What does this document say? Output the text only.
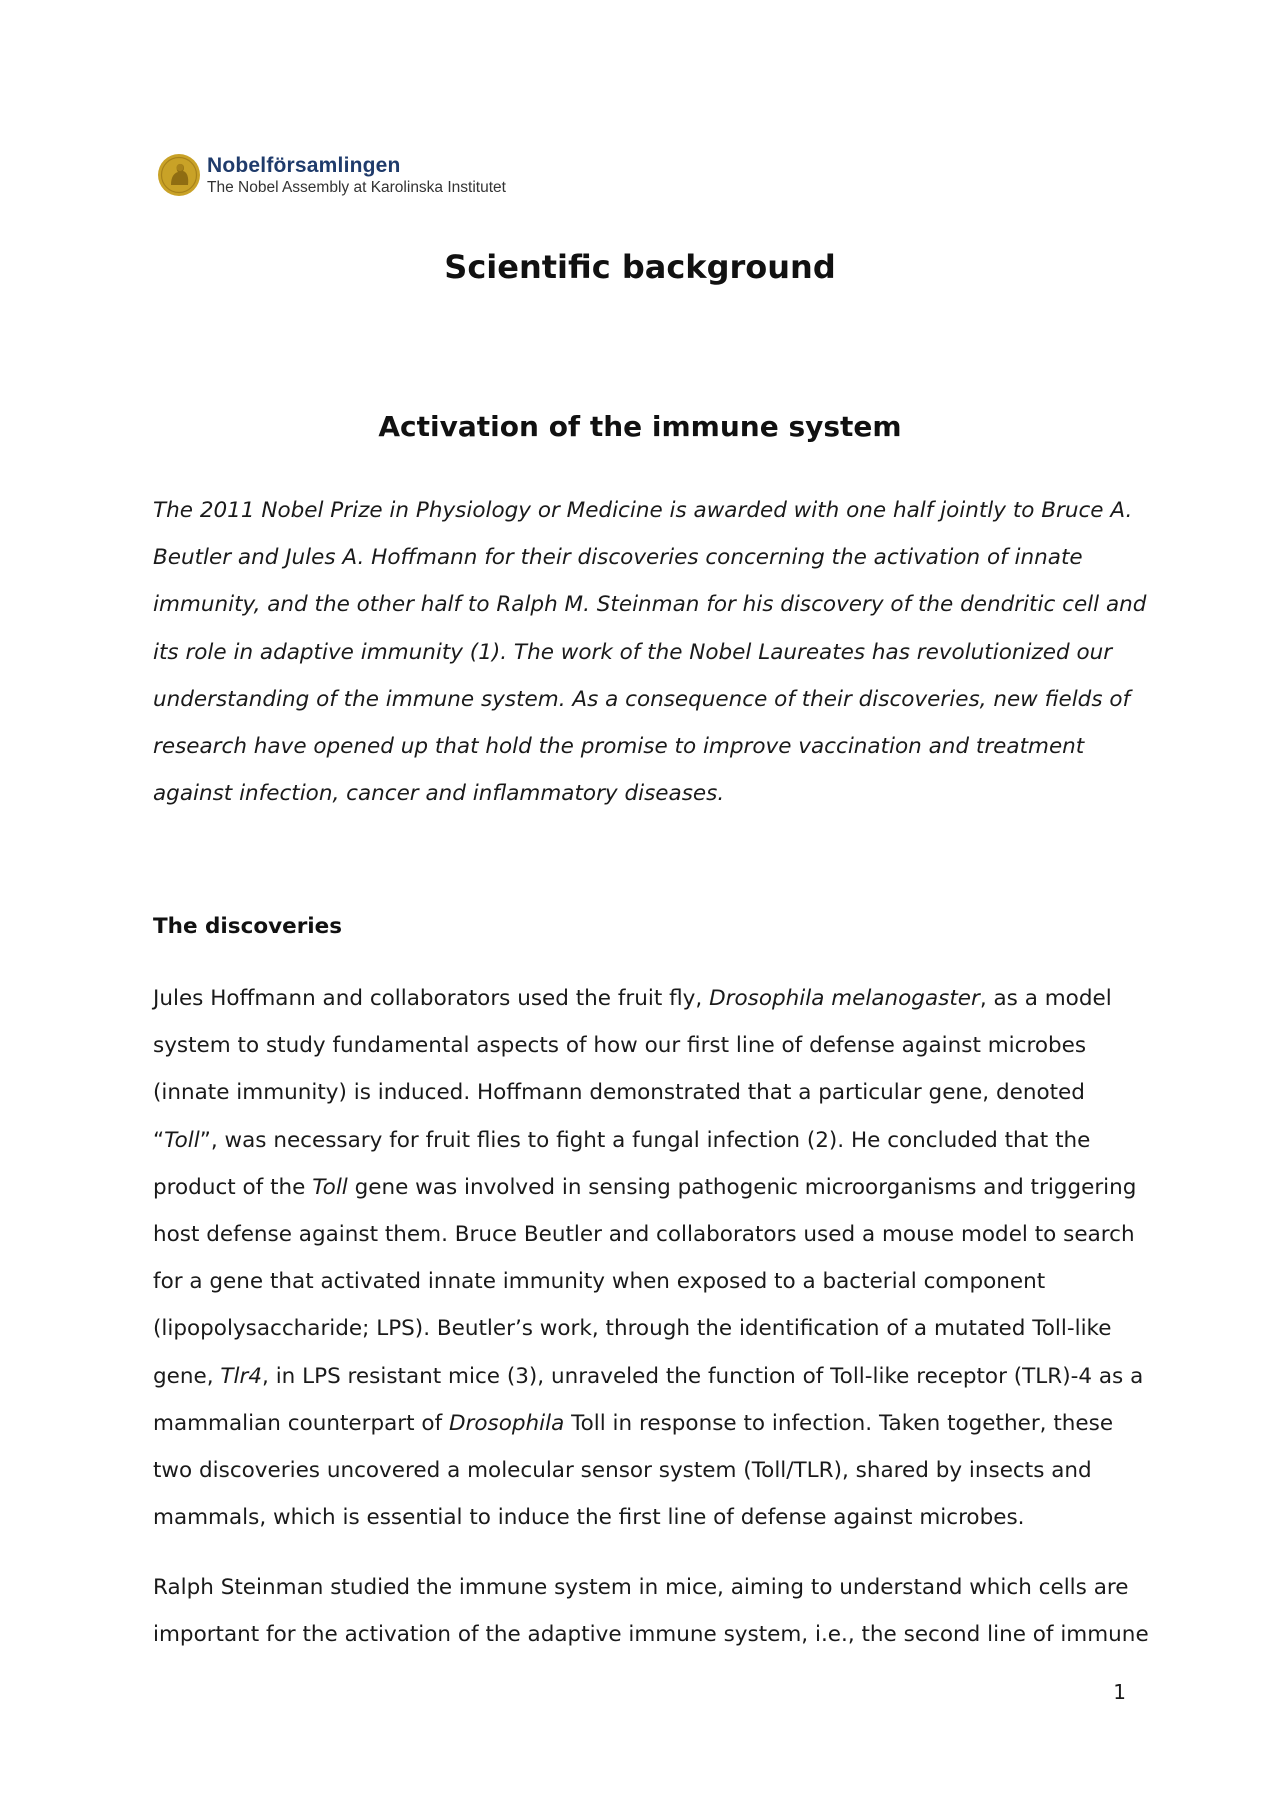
Nobelförsamlingen
The Nobel Assembly at Karolinska Institutet
Scientific background
Activation of the immune system
The 2011 Nobel Prize in Physiology or Medicine is awarded with one half jointly to Bruce A.
Beutler and Jules A. Hoffmann for their discoveries concerning the activation of innate
immunity, and the other half to Ralph M. Steinman for his discovery of the dendritic cell and
its role in adaptive immunity (1). The work of the Nobel Laureates has revolutionized our
understanding of the immune system. As a consequence of their discoveries, new fields of
research have opened up that hold the promise to improve vaccination and treatment
against infection, cancer and inflammatory diseases.
The discoveries
Jules Hoffmann and collaborators used the fruit fly, Drosophila melanogaster, as a model
system to study fundamental aspects of how our first line of defense against microbes
(innate immunity) is induced. Hoffmann demonstrated that a particular gene, denoted
“Toll”, was necessary for fruit flies to fight a fungal infection (2). He concluded that the
product of the Toll gene was involved in sensing pathogenic microorganisms and triggering
host defense against them. Bruce Beutler and collaborators used a mouse model to search
for a gene that activated innate immunity when exposed to a bacterial component
(lipopolysaccharide; LPS). Beutler’s work, through the identification of a mutated Toll-like
gene, Tlr4, in LPS resistant mice (3), unraveled the function of Toll-like receptor (TLR)-4 as a
mammalian counterpart of Drosophila Toll in response to infection. Taken together, these
two discoveries uncovered a molecular sensor system (Toll/TLR), shared by insects and
mammals, which is essential to induce the first line of defense against microbes.
Ralph Steinman studied the immune system in mice, aiming to understand which cells are
important for the activation of the adaptive immune system, i.e., the second line of immune
1
